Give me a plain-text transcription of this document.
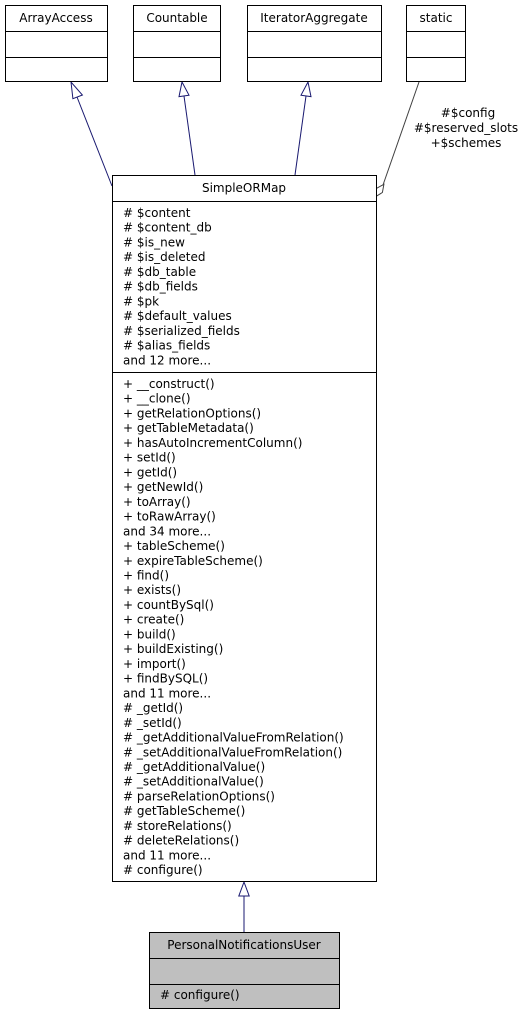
#$config
#$reserved_slots
+$schemes
ArrayAccess	Countable	IteratorAggregate	static
SimpleORMap
# $content
# $content_db
# $is_new
# $is_deleted
# $db_table
# $db_fields
# $pk
# $default_values
# $serialized_fields
# $alias_fields
and 12 more...
+ __construct()
+ __clone()
+ getRelationOptions()
+ getTableMetadata()
+ hasAutoIncrementColumn()
+ setId()
+ getId()
+ getNewId()
+ toArray()
+ toRawArray()
and 34 more...
+ tableScheme()
+ expireTableScheme()
+ find()
+ exists()
+ countBySql()
+ create()
+ build()
+ buildExisting()
+ import()
+ findBySQL()
and 11 more...
# _getId()
# _setId()
# _getAdditionalValueFromRelation()
# _setAdditionalValueFromRelation()
# _getAdditionalValue()
# _setAdditionalValue()
# parseRelationOptions()
# getTableScheme()
# storeRelations()
# deleteRelations()
and 11 more...
# configure()
PersonalNotificationsUser
# configure()
